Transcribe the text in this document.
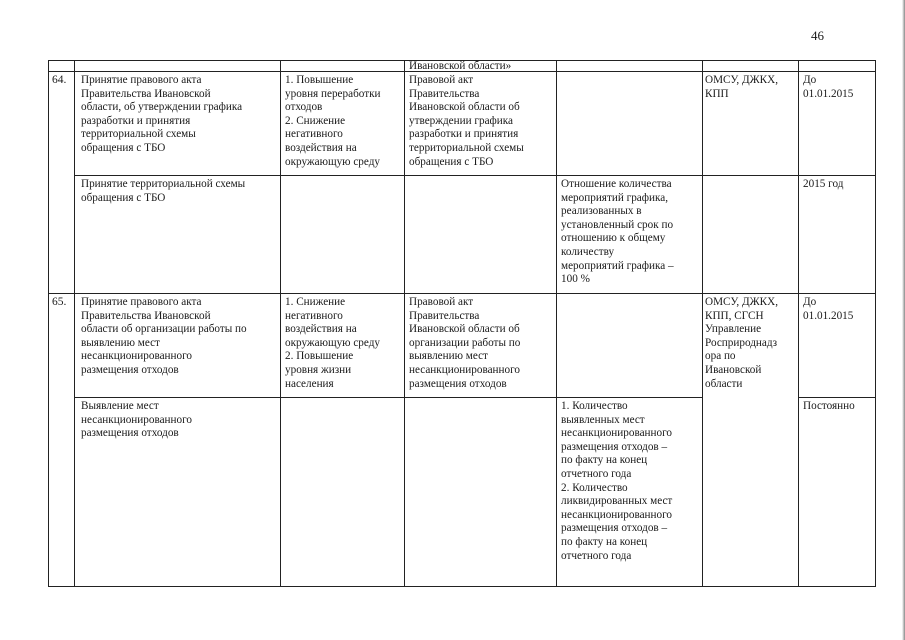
46
Ивановской области»
64.	Принятие правового акта
Правительства Ивановской
области, об утверждении графика
разработки и принятия
территориальной схемы
обращения с ТБО
1. Повышение
уровня переработки
отходов
2. Снижение
негативного
воздействия на
окружающую среду
Правовой акт
Правительства
Ивановской области об
утверждении графика
разработки и принятия
территориальной схемы
обращения с ТБО
ОМСУ, ДЖКХ,
КПП
До
01.01.2015
Принятие территориальной схемы
обращения с ТБО
Отношение количества
мероприятий графика,
реализованных в
установленный срок по
отношению к общему
количеству
мероприятий графика –
100 %
2015 год
65.	Принятие правового акта
Правительства Ивановской
области об организации работы по
выявлению мест
несанкционированного
размещения отходов
1. Снижение
негативного
воздействия на
окружающую среду
2. Повышение
уровня жизни
населения
Правовой акт
Правительства
Ивановской области об
организации работы по
выявлению мест
несанкционированного
размещения отходов
ОМСУ, ДЖКХ,
КПП, СГСН
Управление
Росприроднадз
ора по
Ивановской
области
До
01.01.2015
Выявление мест
несанкционированного
размещения отходов
1. Количество
выявленных мест
несанкционированного
размещения отходов –
по факту на конец
отчетного года
2. Количество
ликвидированных мест
несанкционированного
размещения отходов –
по факту на конец
отчетного года
Постоянно
